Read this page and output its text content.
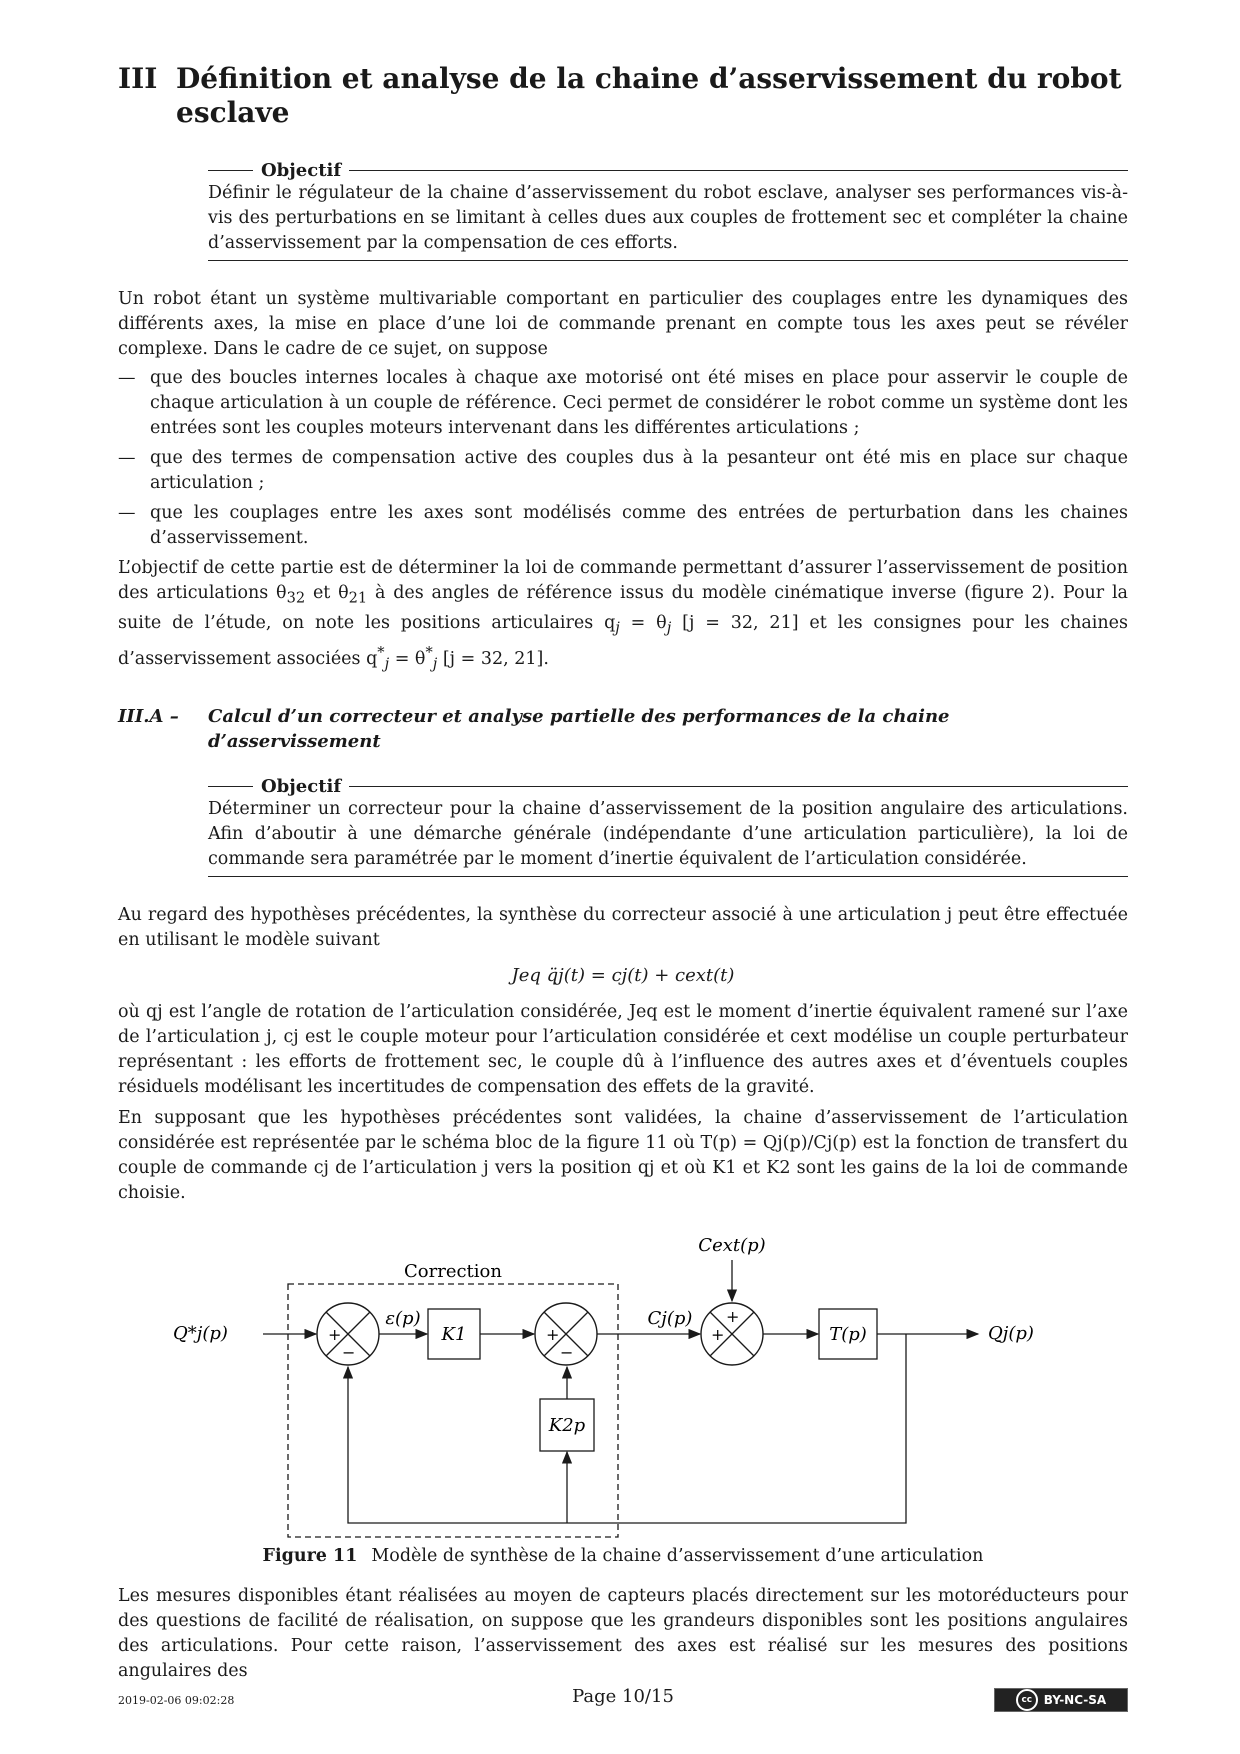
III Définition et analyse de la chaine d’asservissement du robot esclave
Objectif
Définir le régulateur de la chaine d’asservissement du robot esclave, analyser ses performances vis-à-vis des perturbations en se limitant à celles dues aux couples de frottement sec et compléter la chaine d’asservissement par la compensation de ces efforts.

Un robot étant un système multivariable comportant en particulier des couplages entre les dynamiques des différents axes, la mise en place d’une loi de commande prenant en compte tous les axes peut se révéler complexe. Dans le cadre de ce sujet, on suppose

— que des boucles internes locales à chaque axe motorisé ont été mises en place pour asservir le couple de chaque articulation à un couple de référence. Ceci permet de considérer le robot comme un système dont les entrées sont les couples moteurs intervenant dans les différentes articulations ;
— que des termes de compensation active des couples dus à la pesanteur ont été mis en place sur chaque articulation ;
— que les couplages entre les axes sont modélisés comme des entrées de perturbation dans les chaines d’asservissement.

L’objectif de cette partie est de déterminer la loi de commande permettant d’assurer l’asservissement de position des articulations $\theta_{32}$ et $\theta_{21}$ à des angles de référence issus du modèle cinématique inverse (figure 2). Pour la suite de l’étude, on note les positions articulaires $q_j = \theta_j$ [j = 32, 21] et les consignes pour les chaines d’asservissement associées $q^*_j = \theta^*_j$ [j = 32, 21].

III.A –	Calcul d’un correcteur et analyse partielle des performances de la chaine d’asservissement
Objectif
Déterminer un correcteur pour la chaine d’asservissement de la position angulaire des articulations. Afin d’aboutir à une démarche générale (indépendante d’une articulation particulière), la loi de commande sera paramétrée par le moment d’inertie équivalent de l’articulation considérée.

Au regard des hypothèses précédentes, la synthèse du correcteur associé à une articulation j peut être effectuée en utilisant le modèle suivant

Jeq q̈j(t) = cj(t) + cext(t)

où qj est l’angle de rotation de l’articulation considérée, Jeq est le moment d’inertie équivalent ramené sur l’axe de l’articulation j, cj est le couple moteur pour l’articulation considérée et cext modélise un couple perturbateur représentant : les efforts de frottement sec, le couple dû à l’influence des autres axes et d’éventuels couples résiduels modélisant les incertitudes de compensation des effets de la gravité.

En supposant que les hypothèses précédentes sont validées, la chaine d’asservissement de l’articulation considérée est représentée par le schéma bloc de la figure 11 où T(p) = Qj(p)/Cj(p) est la fonction de transfert du couple de commande cj de l’articulation j vers la position qj et où K1 et K2 sont les gains de la loi de commande choisie.

Correction
Q*j(p)	+
−
ε(p)
K1	+
−
K2p
Cj(p)
+
+
Cext(p)
T(p)	Qj(p)
Figure 11 Modèle de synthèse de la chaine d’asservissement d’une articulation

Les mesures disponibles étant réalisées au moyen de capteurs placés directement sur les motoréducteurs pour des questions de facilité de réalisation, on suppose que les grandeurs disponibles sont les positions angulaires des articulations. Pour cette raison, l’asservissement des axes est réalisé sur les mesures des positions angulaires des

2019-02-06 09:02:28	Page 10/15	cc BY-NC-SA
